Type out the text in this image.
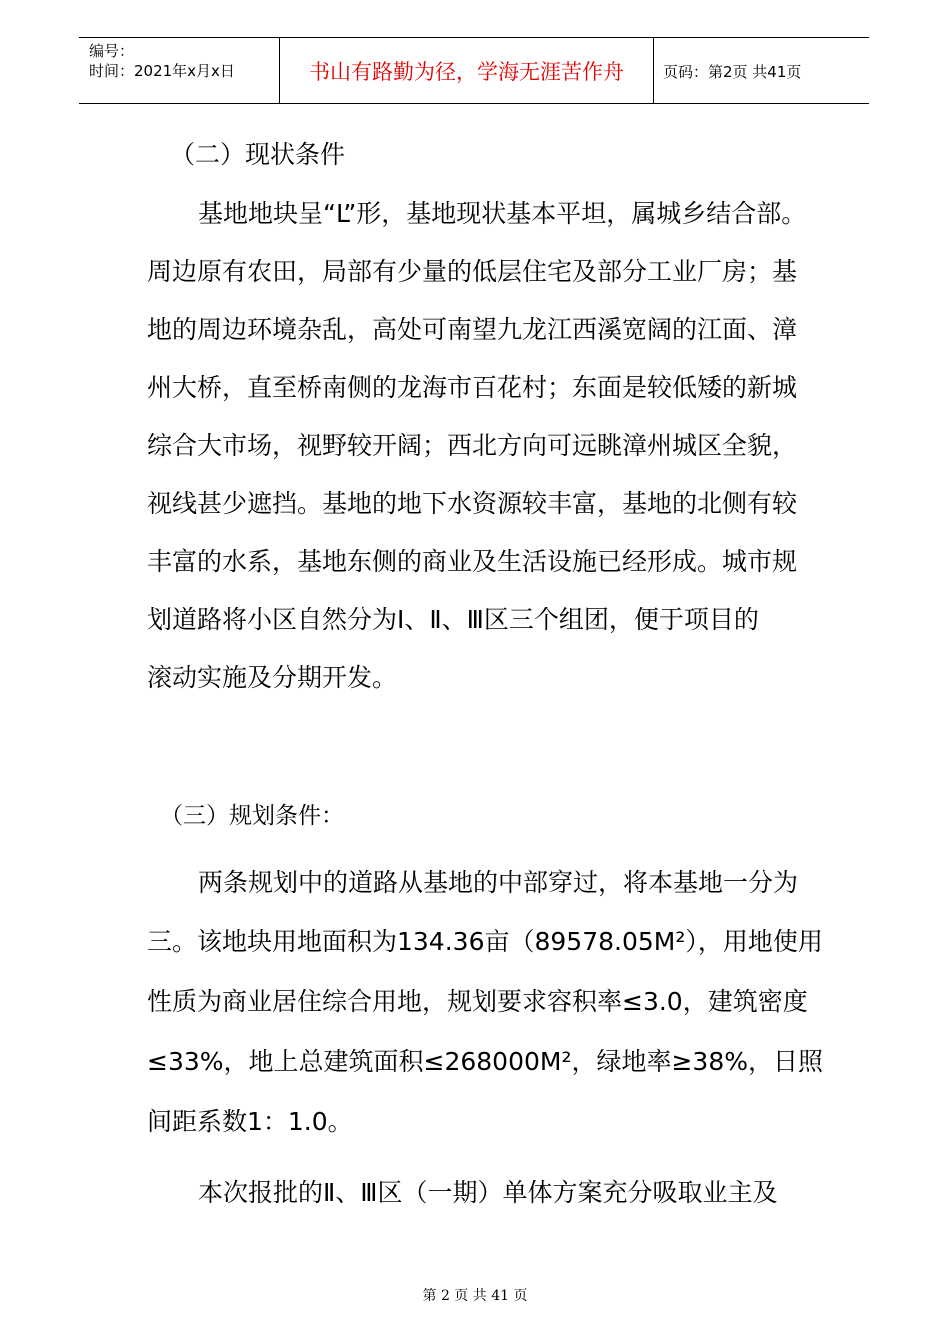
编号：
时间：2021年x月x日	书山有路勤为径，学海无涯苦作舟	页码：第2页 共41页
（二）现状条件
基地地块呈“L”形，基地现状基本平坦，属城乡结合部。
周边原有农田，局部有少量的低层住宅及部分工业厂房；基
地的周边环境杂乱，高处可南望九龙江西溪宽阔的江面、漳
州大桥，直至桥南侧的龙海市百花村；东面是较低矮的新城
综合大市场，视野较开阔；西北方向可远眺漳州城区全貌，
视线甚少遮挡。基地的地下水资源较丰富，基地的北侧有较
丰富的水系，基地东侧的商业及生活设施已经形成。城市规
划道路将小区自然分为Ⅰ、Ⅱ、Ⅲ区三个组团，便于项目的
滚动实施及分期开发。
（三）规划条件：
两条规划中的道路从基地的中部穿过，将本基地一分为
三。该地块用地面积为134.36亩（89578.05M²），用地使用
性质为商业居住综合用地，规划要求容积率≤3.0，建筑密度
≤33%，地上总建筑面积≤268000M²，绿地率≥38%，日照
间距系数1：1.0。
本次报批的Ⅱ、Ⅲ区（一期）单体方案充分吸取业主及
第 2 页 共 41 页
